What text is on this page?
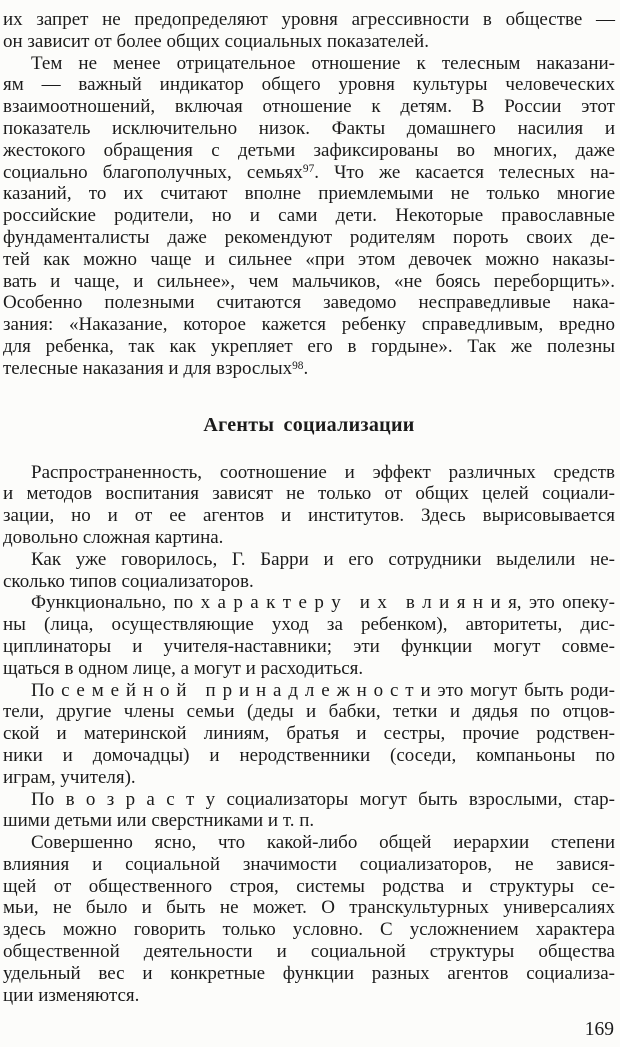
их запрет не предопределяют уровня агрессивности в обществе —
он зависит от более общих социальных показателей.
Тем не менее отрицательное отношение к телесным наказани-
ям — важный индикатор общего уровня культуры человеческих
взаимоотношений, включая отношение к детям. В России этот
показатель исключительно низок. Факты домашнего насилия и
жестокого обращения с детьми зафиксированы во многих, даже
социально благополучных, семьях$^{97}$. Что же касается телесных на-
казаний, то их считают вполне приемлемыми не только многие
российские родители, но и сами дети. Некоторые православные
фундаменталисты даже рекомендуют родителям пороть своих де-
тей как можно чаще и сильнее «при этом девочек можно наказы-
вать и чаще, и сильнее», чем мальчиков, «не боясь переборщить».
Особенно полезными считаются заведомо несправедливые нака-
зания: «Наказание, которое кажется ребенку справедливым, вредно
для ребенка, так как укрепляет его в гордыне». Так же полезны
телесные наказания и для взрослых$^{98}$.
Агенты социализации
Распространенность, соотношение и эффект различных средств
и методов воспитания зависят не только от общих целей социали-
зации, но и от ее агентов и институтов. Здесь вырисовывается
довольно сложная картина.
Как уже говорилось, Г. Барри и его сотрудники выделили не-
сколько типов социализаторов.
Функционально, по х а р а к т е р у и х в л и я н и я, это опеку-
ны (лица, осуществляющие уход за ребенком), авторитеты, дис-
циплинаторы и учителя-наставники; эти функции могут совме-
щаться в одном лице, а могут и расходиться.
По с е м е й н о й п р и н а д л е ж н о с т и это могут быть роди-
тели, другие члены семьи (деды и бабки, тетки и дядья по отцов-
ской и материнской линиям, братья и сестры, прочие родствен-
ники и домочадцы) и неродственники (соседи, компаньоны по
играм, учителя).
По в о з р а с т у социализаторы могут быть взрослыми, стар-
шими детьми или сверстниками и т. п.
Совершенно ясно, что какой-либо общей иерархии степени
влияния и социальной значимости социализаторов, не завися-
щей от общественного строя, системы родства и структуры се-
мьи, не было и быть не может. О транскультурных универсалиях
здесь можно говорить только условно. С усложнением характера
общественной деятельности и социальной структуры общества
удельный вес и конкретные функции разных агентов социализа-
ции изменяются.
169
